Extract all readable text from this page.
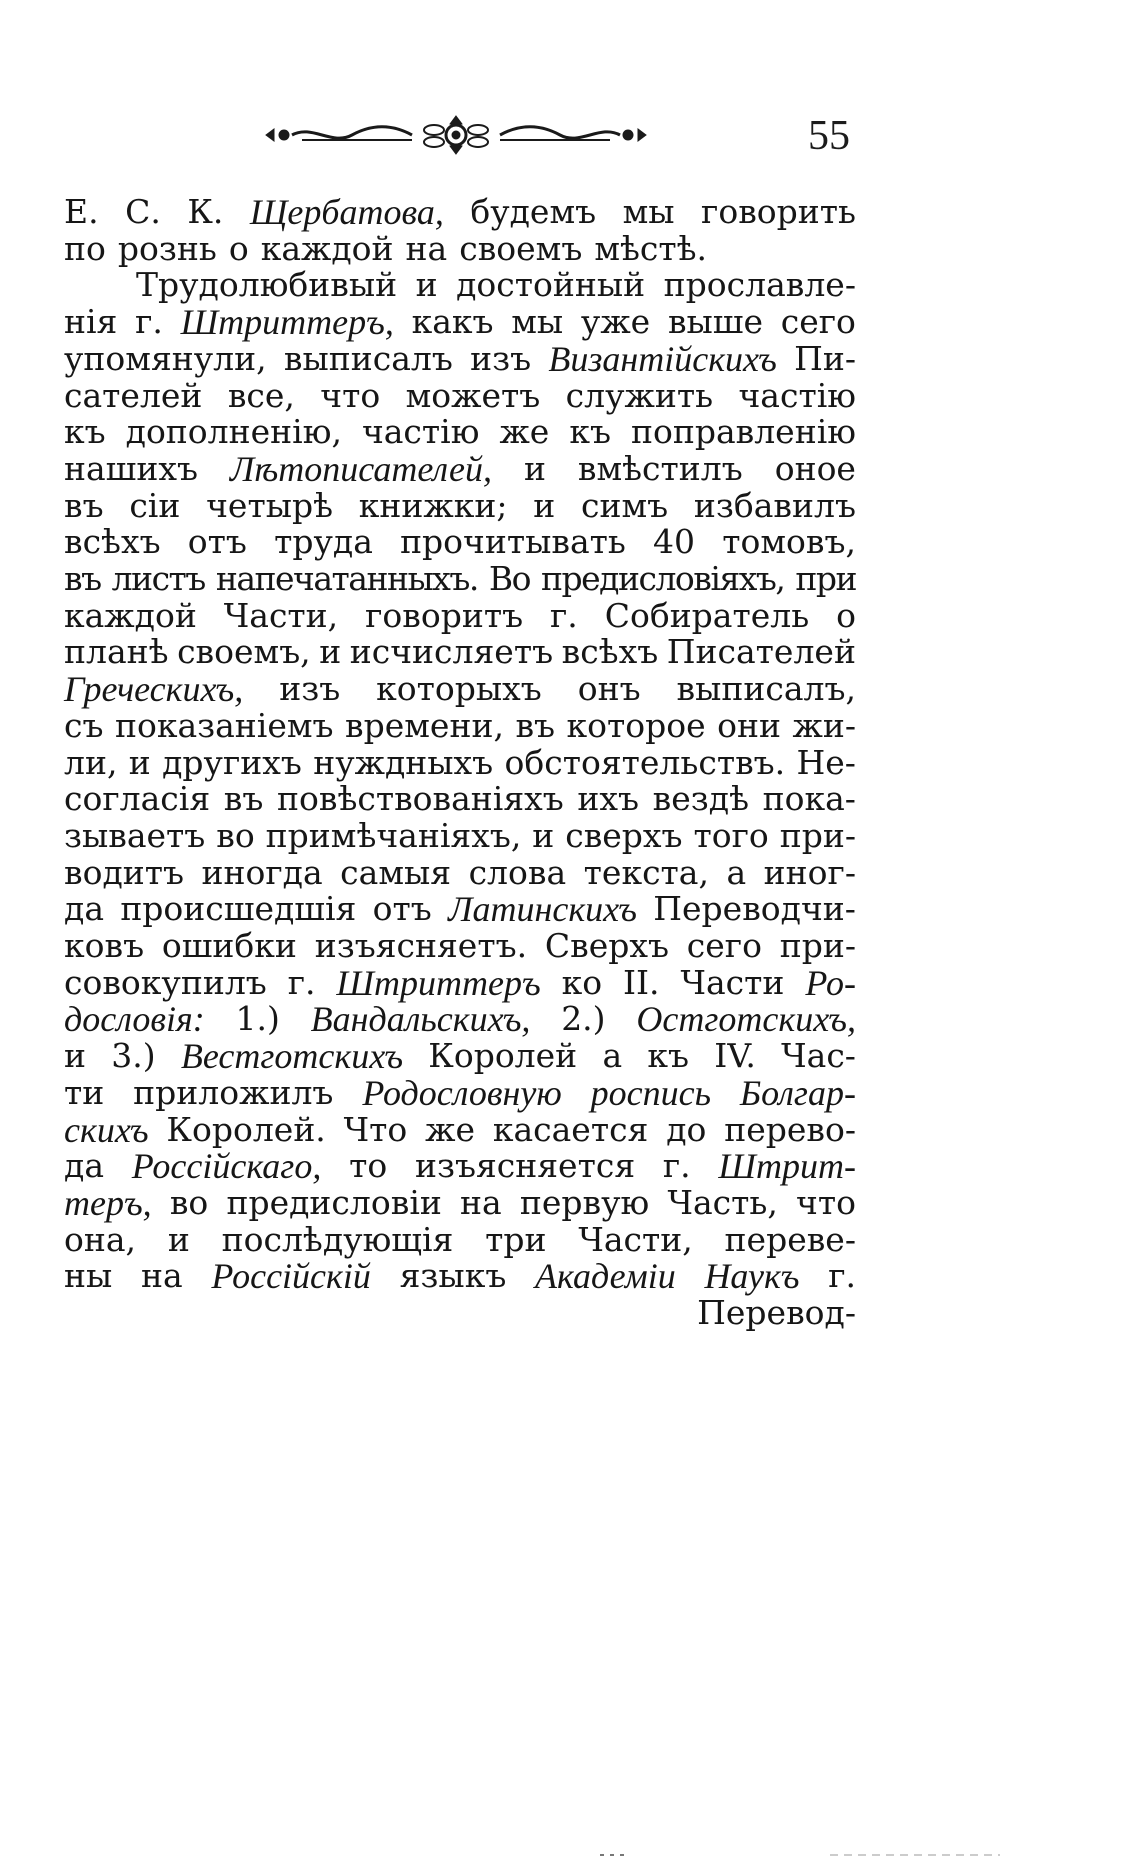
55
Е. С. К. Щербатова, будемъ мы говорить
по рознь о каждой на своемъ мѣстѣ.
Трудолюбивый и достойный прославле-
нія г. Штриттеръ, какъ мы уже выше сего
упомянули, выписалъ изъ Византійскихъ Пи-
сателей все, что можетъ служить частію
къ дополненію, частію же къ поправленію
нашихъ Лѣтописателей, и вмѣстилъ оное
въ сіи четырѣ книжки; и симъ избавилъ
всѣхъ отъ труда прочитывать 40 томовъ,
въ листъ напечатанныхъ. Во предисловіяхъ, при
каждой Части, говоритъ г. Собиратель о
планѣ своемъ, и исчисляетъ всѣхъ Писателей
Греческихъ, изъ которыхъ онъ выписалъ,
съ показаніемъ времени, въ которое они жи-
ли, и другихъ нуждныхъ обстоятельствъ. Не-
согласія въ повѣствованіяхъ ихъ вездѣ пока-
зываетъ во примѣчаніяхъ, и сверхъ того при-
водитъ иногда самыя слова текста, а иног-
да происшедшія отъ Латинскихъ Переводчи-
ковъ ошибки изъясняетъ. Сверхъ сего при-
совокупилъ г. Штриттеръ ко II. Части Ро-
дословія: 1.) Вандальскихъ, 2.) Остготскихъ,
и 3.) Вестготскихъ Королей а къ IV. Час-
ти приложилъ Родословную роспись Болгар-
скихъ Королей. Что же касается до перево-
да Россійскаго, то изъясняется г. Штрит-
теръ, во предисловіи на первую Часть, что
она, и послѣдующія три Части, переве-
ны на Россійскій языкъ Академіи Наукъ г.
Перевод-
